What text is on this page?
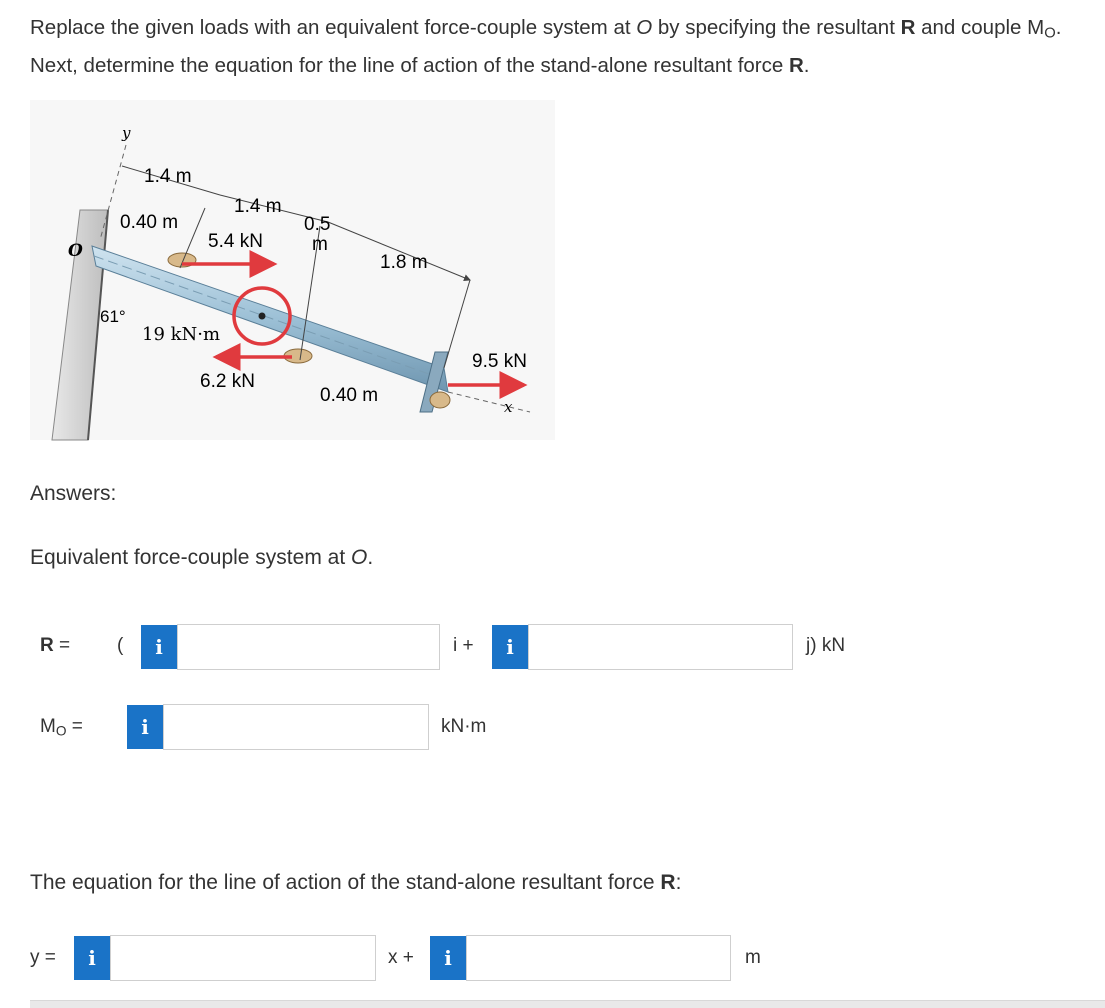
Replace the given loads with an equivalent force-couple system at O by specifying the resultant R and couple $M_O$. Next, determine the equation for the line of action of the stand-alone resultant force R.
y
x
O
1.4 m
1.4 m
0.40 m	0.5
m
1.8 m
5.4 kN
61°
19 kN·m
6.2 kN
0.40 m
9.5 kN
Answers:
Equivalent force-couple system at O.
R = (	i	i +	i	j) kN
$M_O$ =	i	kN·m
The equation for the line of action of the stand-alone resultant force R:
y =	i	x +	i	m
